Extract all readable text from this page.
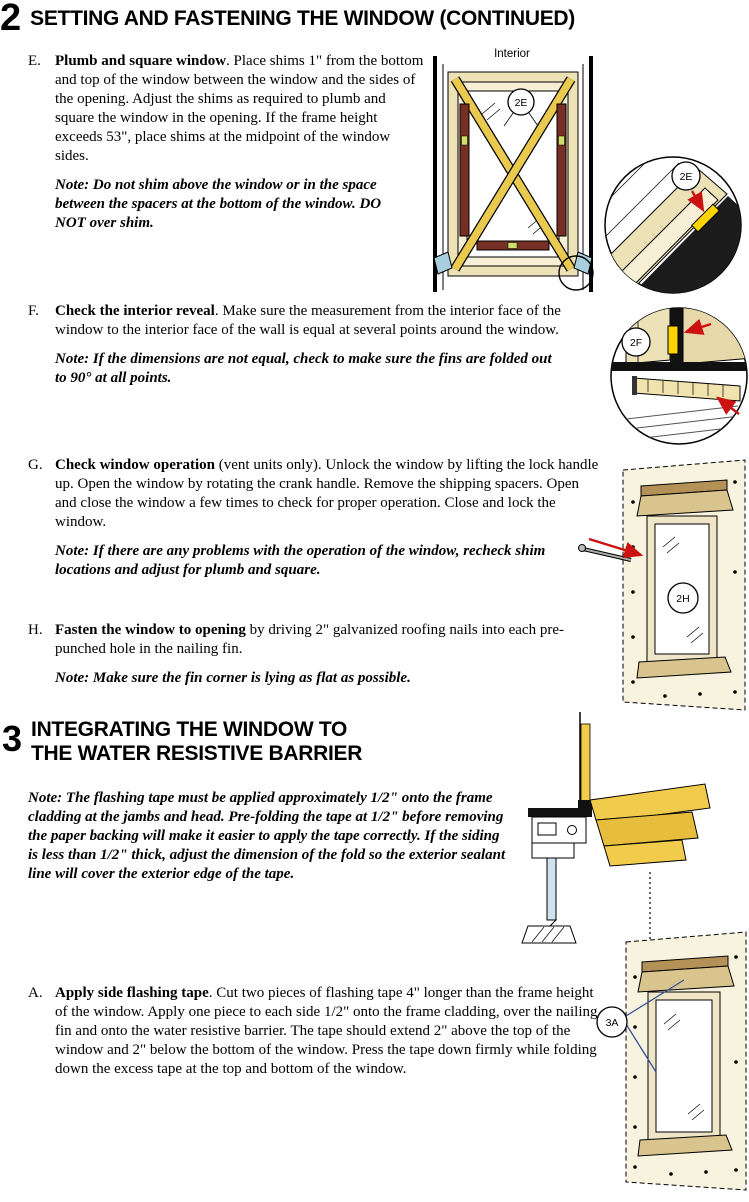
2 SETTING AND FASTENING THE WINDOW (CONTINUED)
E. Plumb and square window. Place shims 1" from the bottom and top of the window between the window and the sides of the opening. Adjust the shims as required to plumb and square the window in the opening. If the frame height exceeds 53", place shims at the midpoint of the window sides.

Note: Do not shim above the window or in the space between the spacers at the bottom of the window. DO NOT over shim.

Interior
2E
2E
F. Check the interior reveal. Make sure the measurement from the interior face of the window to the interior face of the wall is equal at several points around the window.

Note: If the dimensions are not equal, check to make sure the fins are folded out to 90° at all points.

2F
G. Check window operation (vent units only). Unlock the window by lifting the lock handle up. Open the window by rotating the crank handle. Remove the shipping spacers. Open and close the window a few times to check for proper operation. Close and lock the window.

Note: If there are any problems with the operation of the window, recheck shim locations and adjust for plumb and square.

2H
H. Fasten the window to opening by driving 2" galvanized roofing nails into each pre-punched hole in the nailing fin.

Note: Make sure the fin corner is lying as flat as possible.

3 INTEGRATING THE WINDOW TO THE WATER RESISTIVE BARRIER
Note: The flashing tape must be applied approximately 1/2" onto the frame cladding at the jambs and head. Pre-folding the tape at 1/2" before removing the paper backing will make it easier to apply the tape correctly. If the siding is less than 1/2" thick, adjust the dimension of the fold so the exterior sealant line will cover the exterior edge of the tape.
A. Apply side flashing tape. Cut two pieces of flashing tape 4" longer than the frame height of the window. Apply one piece to each side 1/2" onto the frame cladding, over the nailing fin and onto the water resistive barrier. The tape should extend 2" above the top of the window and 2" below the bottom of the window. Press the tape down firmly while folding down the excess tape at the top and bottom of the window.
3A
